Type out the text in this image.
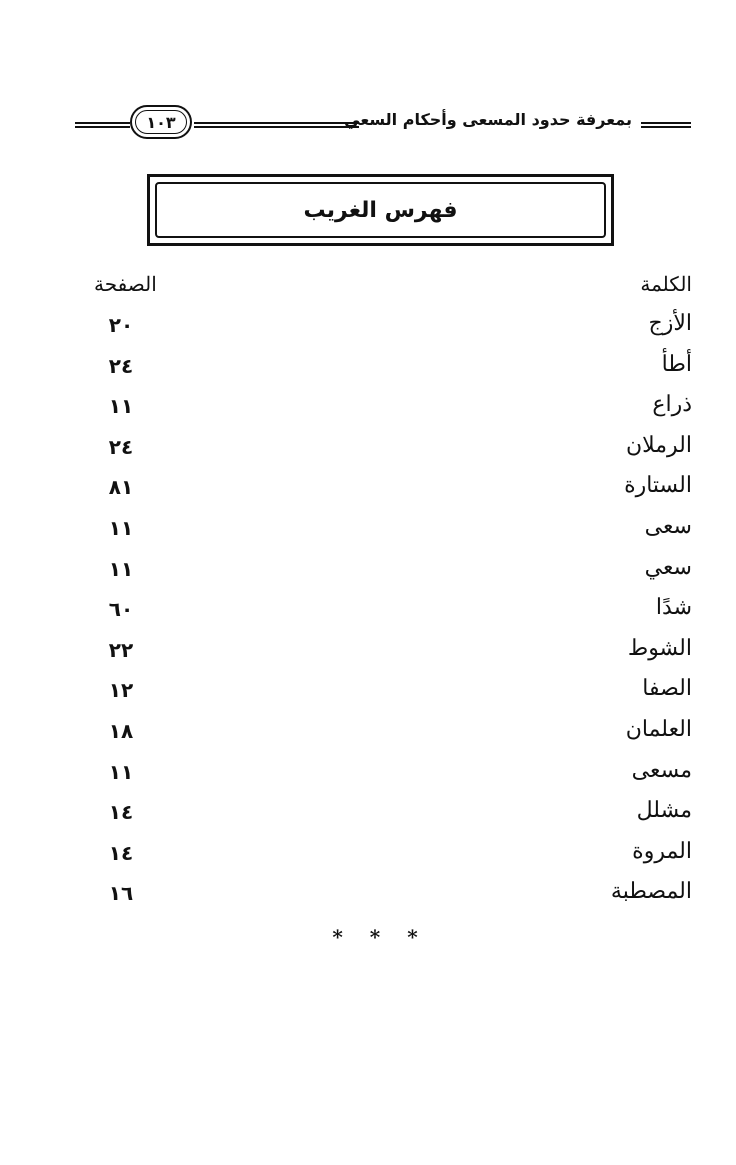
بمعرفة حدود المسعى وأحكام السعي
١٠٣
فهرس الغريب
الكلمة
الصفحة
الأزج
٢٠
أطأ
٢٤
ذراع
١١
الرملان
٢٤
الستارة
٨١
سعى
١١
سعي
١١
شدًا
٦٠
الشوط
٢٢
الصفا
١٢
العلمان
١٨
مسعى
١١
مشلل
١٤
المروة
١٤
المصطبة
١٦
* * *
